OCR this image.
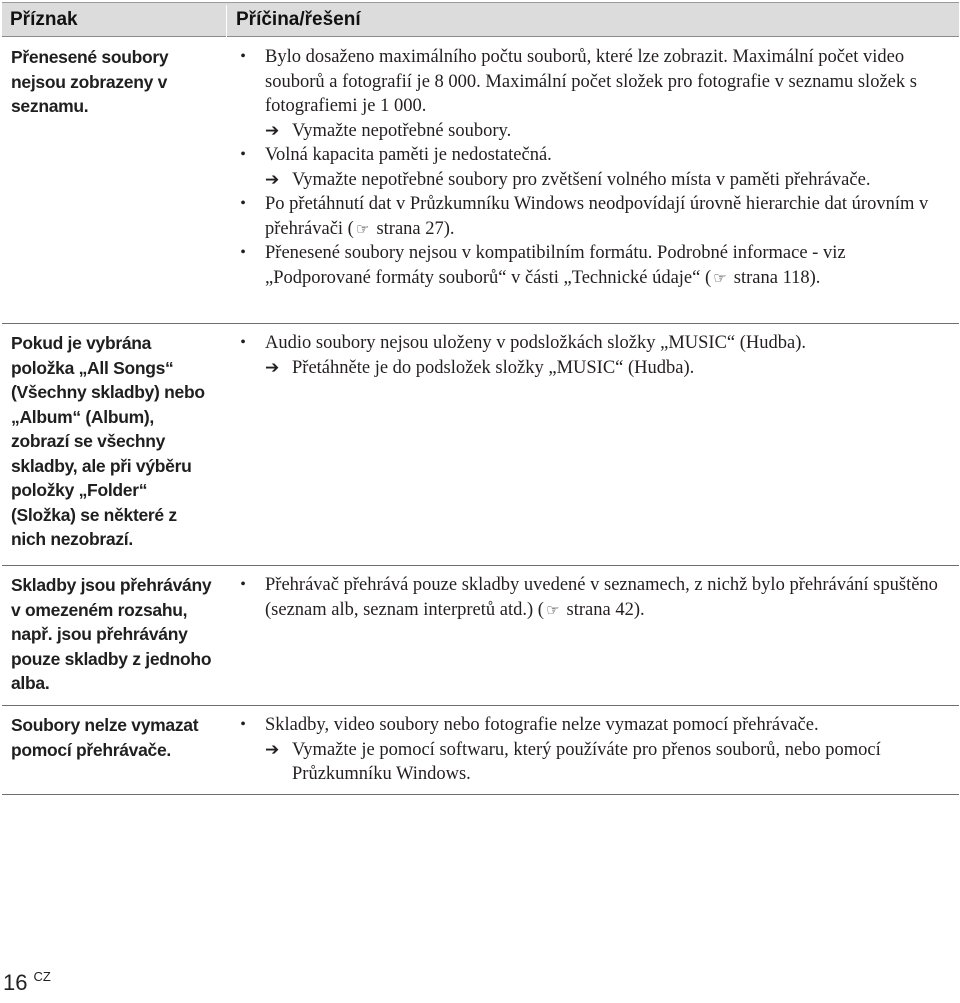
Příznak	Příčina/řešení
Přenesené soubory nejsou zobrazeny v seznamu.
• Bylo dosaženo maximálního počtu souborů, které lze zobrazit. Maximální počet video souborů a fotografií je 8 000. Maximální počet složek pro fotografie v seznamu složek s fotografiemi je 1 000.
➔ Vymažte nepotřebné soubory.
• Volná kapacita paměti je nedostatečná.
➔ Vymažte nepotřebné soubory pro zvětšení volného místa v paměti přehrávače.
• Po přetáhnutí dat v Průzkumníku Windows neodpovídají úrovně hierarchie dat úrovním v přehrávači ( ☞ strana 27).
• Přenesené soubory nejsou v kompatibilním formátu. Podrobné informace - viz „Podporované formáty souborů“ v části „Technické údaje“ ( ☞ strana 118).
Pokud je vybrána položka „All Songs“ (Všechny skladby) nebo „Album“ (Album), zobrazí se všechny skladby, ale při výběru položky „Folder“ (Složka) se některé z nich nezobrazí.
• Audio soubory nejsou uloženy v podsložkách složky „MUSIC“ (Hudba).
➔ Přetáhněte je do podsložek složky „MUSIC“ (Hudba).
Skladby jsou přehrávány v omezeném rozsahu, např. jsou přehrávány pouze skladby z jednoho alba.
• Přehrávač přehrává pouze skladby uvedené v seznamech, z nichž bylo přehrávání spuštěno (seznam alb, seznam interpretů atd.) ( ☞ strana 42).
Soubory nelze vymazat pomocí přehrávače.
• Skladby, video soubory nebo fotografie nelze vymazat pomocí přehrávače.
➔ Vymažte je pomocí softwaru, který používáte pro přenos souborů, nebo pomocí Průzkumníku Windows.
16 $^{CZ}$
